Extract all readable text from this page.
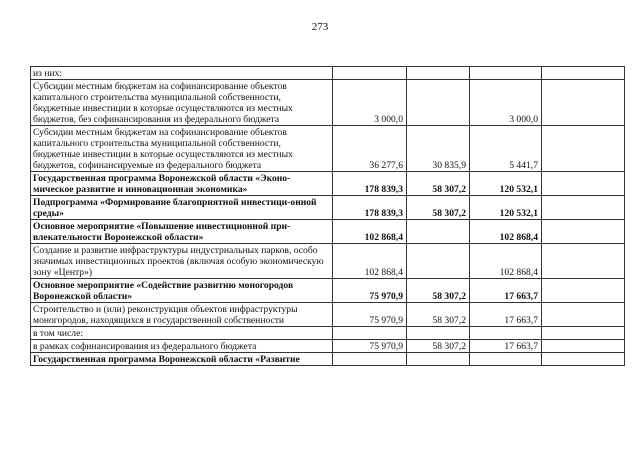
273
из них:				
Субсидии местным бюджетам на софинансирование объектов капитального строительства муниципальной собственности, бюджетные инвестиции в которые осуществляются из местных бюджетов, без софинансирования из федерального бюджета	3 000,0		3 000,0	
Субсидии местным бюджетам на софинансирование объектов капитального строительства муниципальной собственности, бюджетные инвестиции в которые осуществляются из местных бюджетов, софинансируемые из федерального бюджета	36 277,6	30 835,9	5 441,7	
Государственная программа Воронежской области «Эконо-мическое развитие и инновационная экономика»	178 839,3	58 307,2	120 532,1	
Подпрограмма «Формирование благоприятной инвестици-онной среды»	178 839,3	58 307,2	120 532,1	
Основное мероприятие «Повышение инвестиционной при-влекательности Воронежской области»	102 868,4		102 868,4	
Создание и развитие инфраструктуры индустриальных парков, особо значимых инвестиционных проектов (включая особую экономическую зону «Центр»)	102 868,4		102 868,4	
Основное мероприятие «Содействие развитию моногородов Воронежской области»	75 970,9	58 307,2	17 663,7	
Строительство и (или) реконструкция объектов инфраструктуры моногородов, находящихся в государственной собственности	75 970,9	58 307,2	17 663,7	
в том числе:				
в рамках софинансирования из федерального бюджета	75 970,9	58 307,2	17 663,7	
Государственная программа Воронежской области «Развитие				
